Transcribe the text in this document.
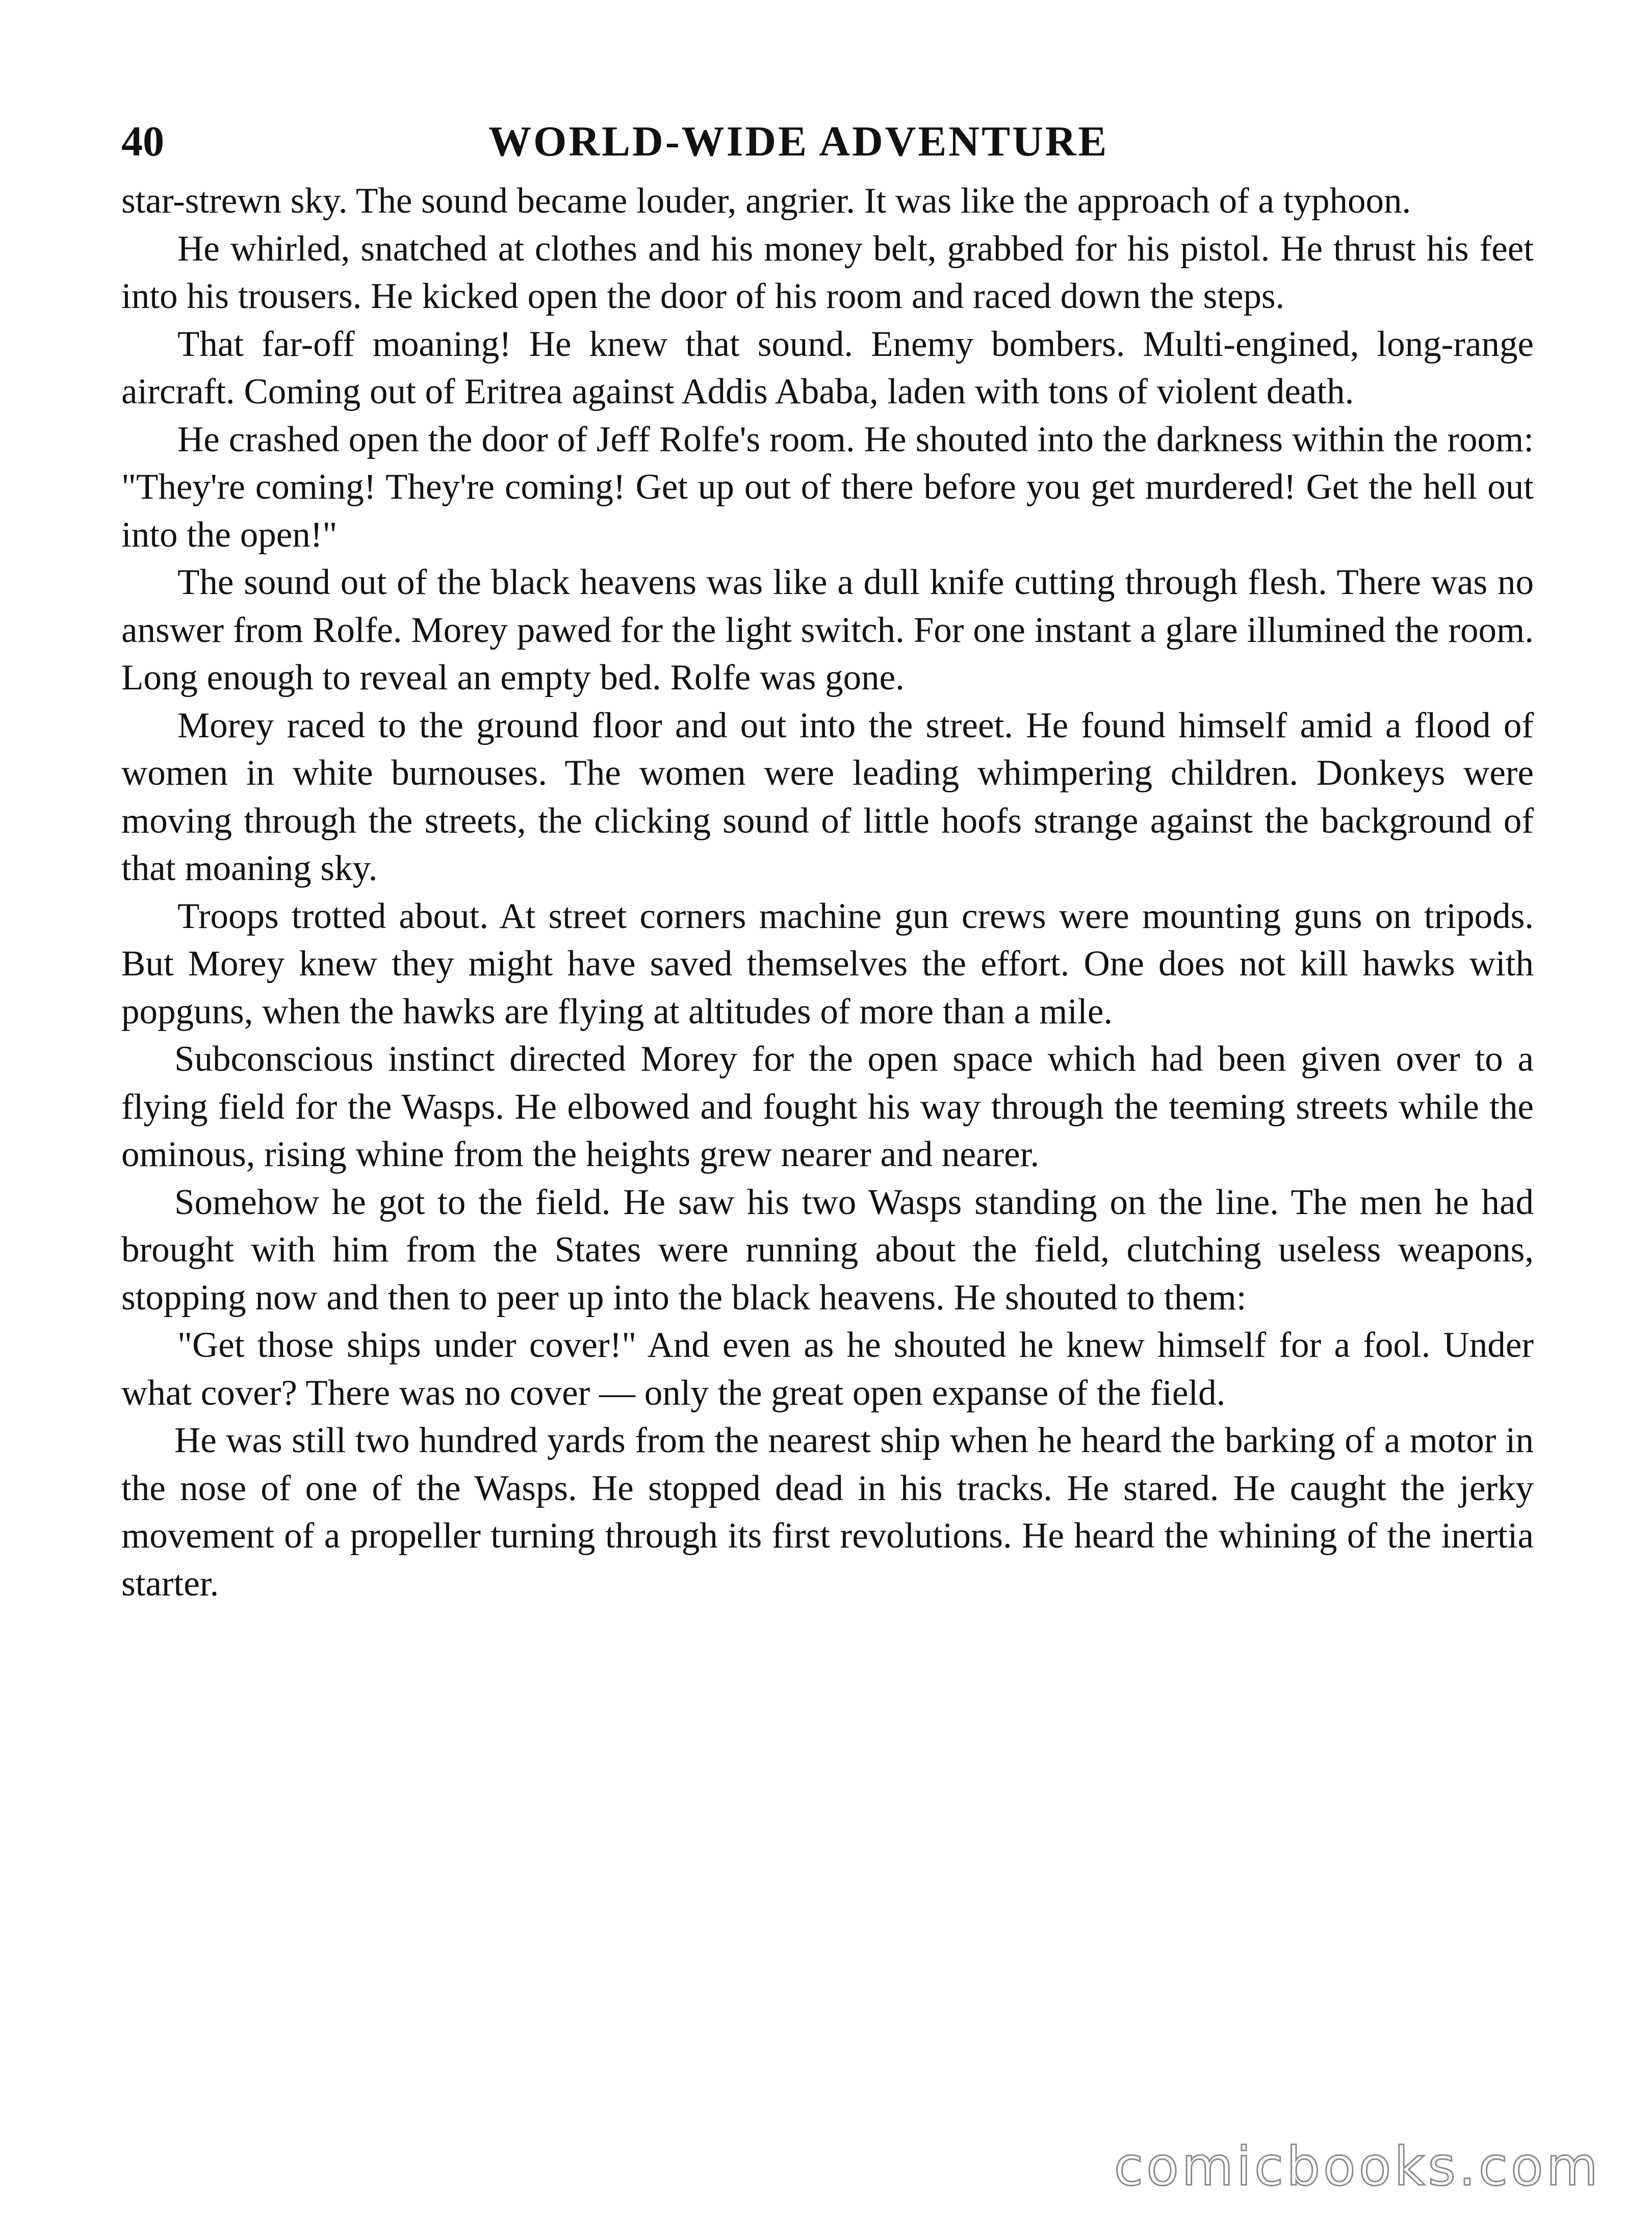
40	WORLD-WIDE ADVENTURE

star-strewn sky. The sound became louder, angrier. It was like the approach of a typhoon.

He whirled, snatched at clothes and his money belt, grabbed for his pistol. He thrust his feet into his trousers. He kicked open the door of his room and raced down the steps.

That far-off moaning! He knew that sound. Enemy bombers. Multi-engined, long-range aircraft. Coming out of Eritrea against Addis Ababa, laden with tons of violent death.

He crashed open the door of Jeff Rolfe's room. He shouted into the darkness within the room: "They're coming! They're coming! Get up out of there before you get murdered! Get the hell out into the open!"

The sound out of the black heavens was like a dull knife cutting through flesh. There was no answer from Rolfe. Morey pawed for the light switch. For one instant a glare illumined the room. Long enough to reveal an empty bed. Rolfe was gone.

Morey raced to the ground floor and out into the street. He found himself amid a flood of women in white burnouses. The women were leading whimpering children. Donkeys were moving through the streets, the clicking sound of little hoofs strange against the background of that moaning sky.

Troops trotted about. At street corners machine gun crews were mounting guns on tripods. But Morey knew they might have saved themselves the effort. One does not kill hawks with popguns, when the hawks are flying at altitudes of more than a mile.

Subconscious instinct directed Morey for the open space which had been given over to a flying field for the Wasps. He elbowed and fought his way through the teeming streets while the ominous, rising whine from the heights grew nearer and nearer.

Somehow he got to the field. He saw his two Wasps standing on the line. The men he had brought with him from the States were running about the field, clutching useless weapons, stopping now and then to peer up into the black heavens. He shouted to them:

"Get those ships under cover!" And even as he shouted he knew himself for a fool. Under what cover? There was no cover — only the great open expanse of the field.

He was still two hundred yards from the nearest ship when he heard the barking of a motor in the nose of one of the Wasps. He stopped dead in his tracks. He stared. He caught the jerky movement of a propeller turning through its first revolutions. He heard the whining of the inertia starter.

comicbooks.com
